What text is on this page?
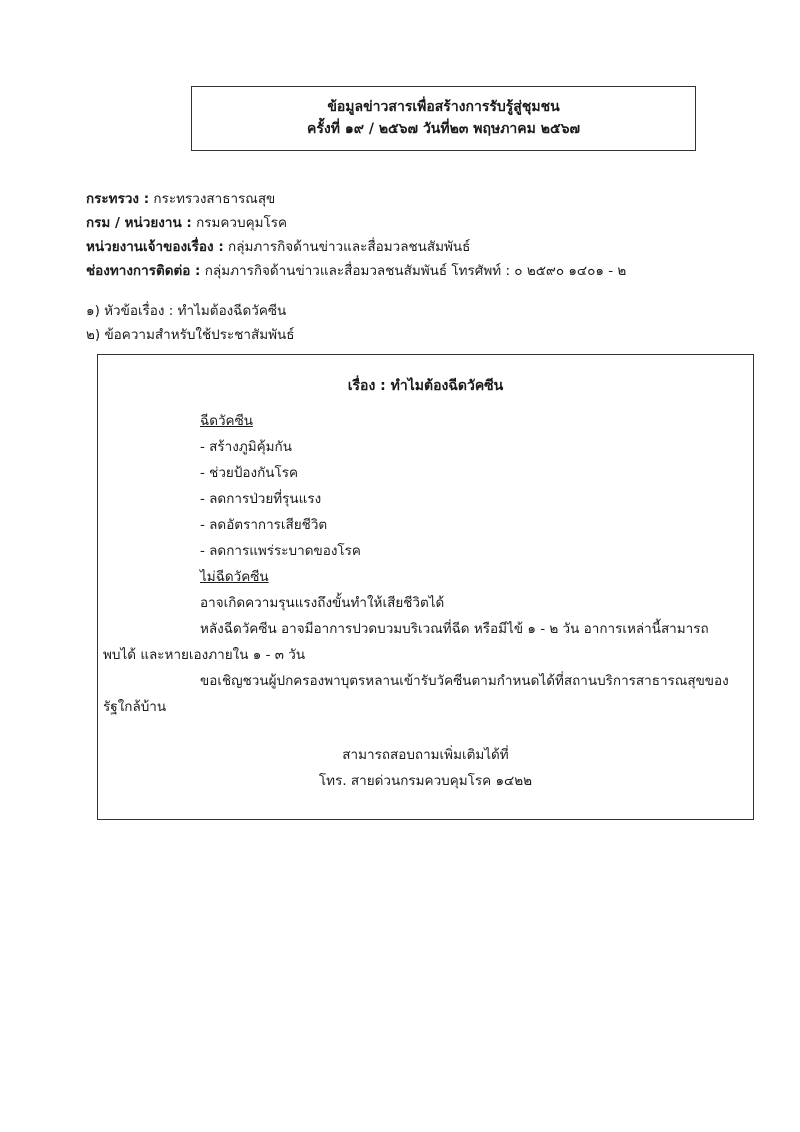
ข้อมูลข่าวสารเพื่อสร้างการรับรู้สู่ชุมชน
ครั้งที่ ๑๙ / ๒๕๖๗ วันที่๒๓ พฤษภาคม ๒๕๖๗
กระทรวง : กระทรวงสาธารณสุข
กรม / หน่วยงาน : กรมควบคุมโรค
หน่วยงานเจ้าของเรื่อง : กลุ่มภารกิจด้านข่าวและสื่อมวลชนสัมพันธ์
ช่องทางการติดต่อ : กลุ่มภารกิจด้านข่าวและสื่อมวลชนสัมพันธ์ โทรศัพท์ : ๐ ๒๕๙๐ ๑๔๐๑ - ๒
๑) หัวข้อเรื่อง : ทำไมต้องฉีดวัคซีน
๒) ข้อความสำหรับใช้ประชาสัมพันธ์
เรื่อง : ทำไมต้องฉีดวัคซีน
ฉีดวัคซีน
- สร้างภูมิคุ้มกัน
- ช่วยป้องกันโรค
- ลดการป่วยที่รุนแรง
- ลดอัตราการเสียชีวิต
- ลดการแพร่ระบาดของโรค
ไม่ฉีดวัคซีน
อาจเกิดความรุนแรงถึงขั้นทำให้เสียชีวิตได้
หลังฉีดวัคซีน อาจมีอาการปวดบวมบริเวณที่ฉีด หรือมีไข้ ๑ - ๒ วัน อาการเหล่านี้สามารถ
พบได้ และหายเองภายใน ๑ - ๓ วัน
ขอเชิญชวนผู้ปกครองพาบุตรหลานเข้ารับวัคซีนตามกำหนดได้ที่สถานบริการสาธารณสุขของ
รัฐใกล้บ้าน
สามารถสอบถามเพิ่มเติมได้ที่
โทร. สายด่วนกรมควบคุมโรค ๑๔๒๒
